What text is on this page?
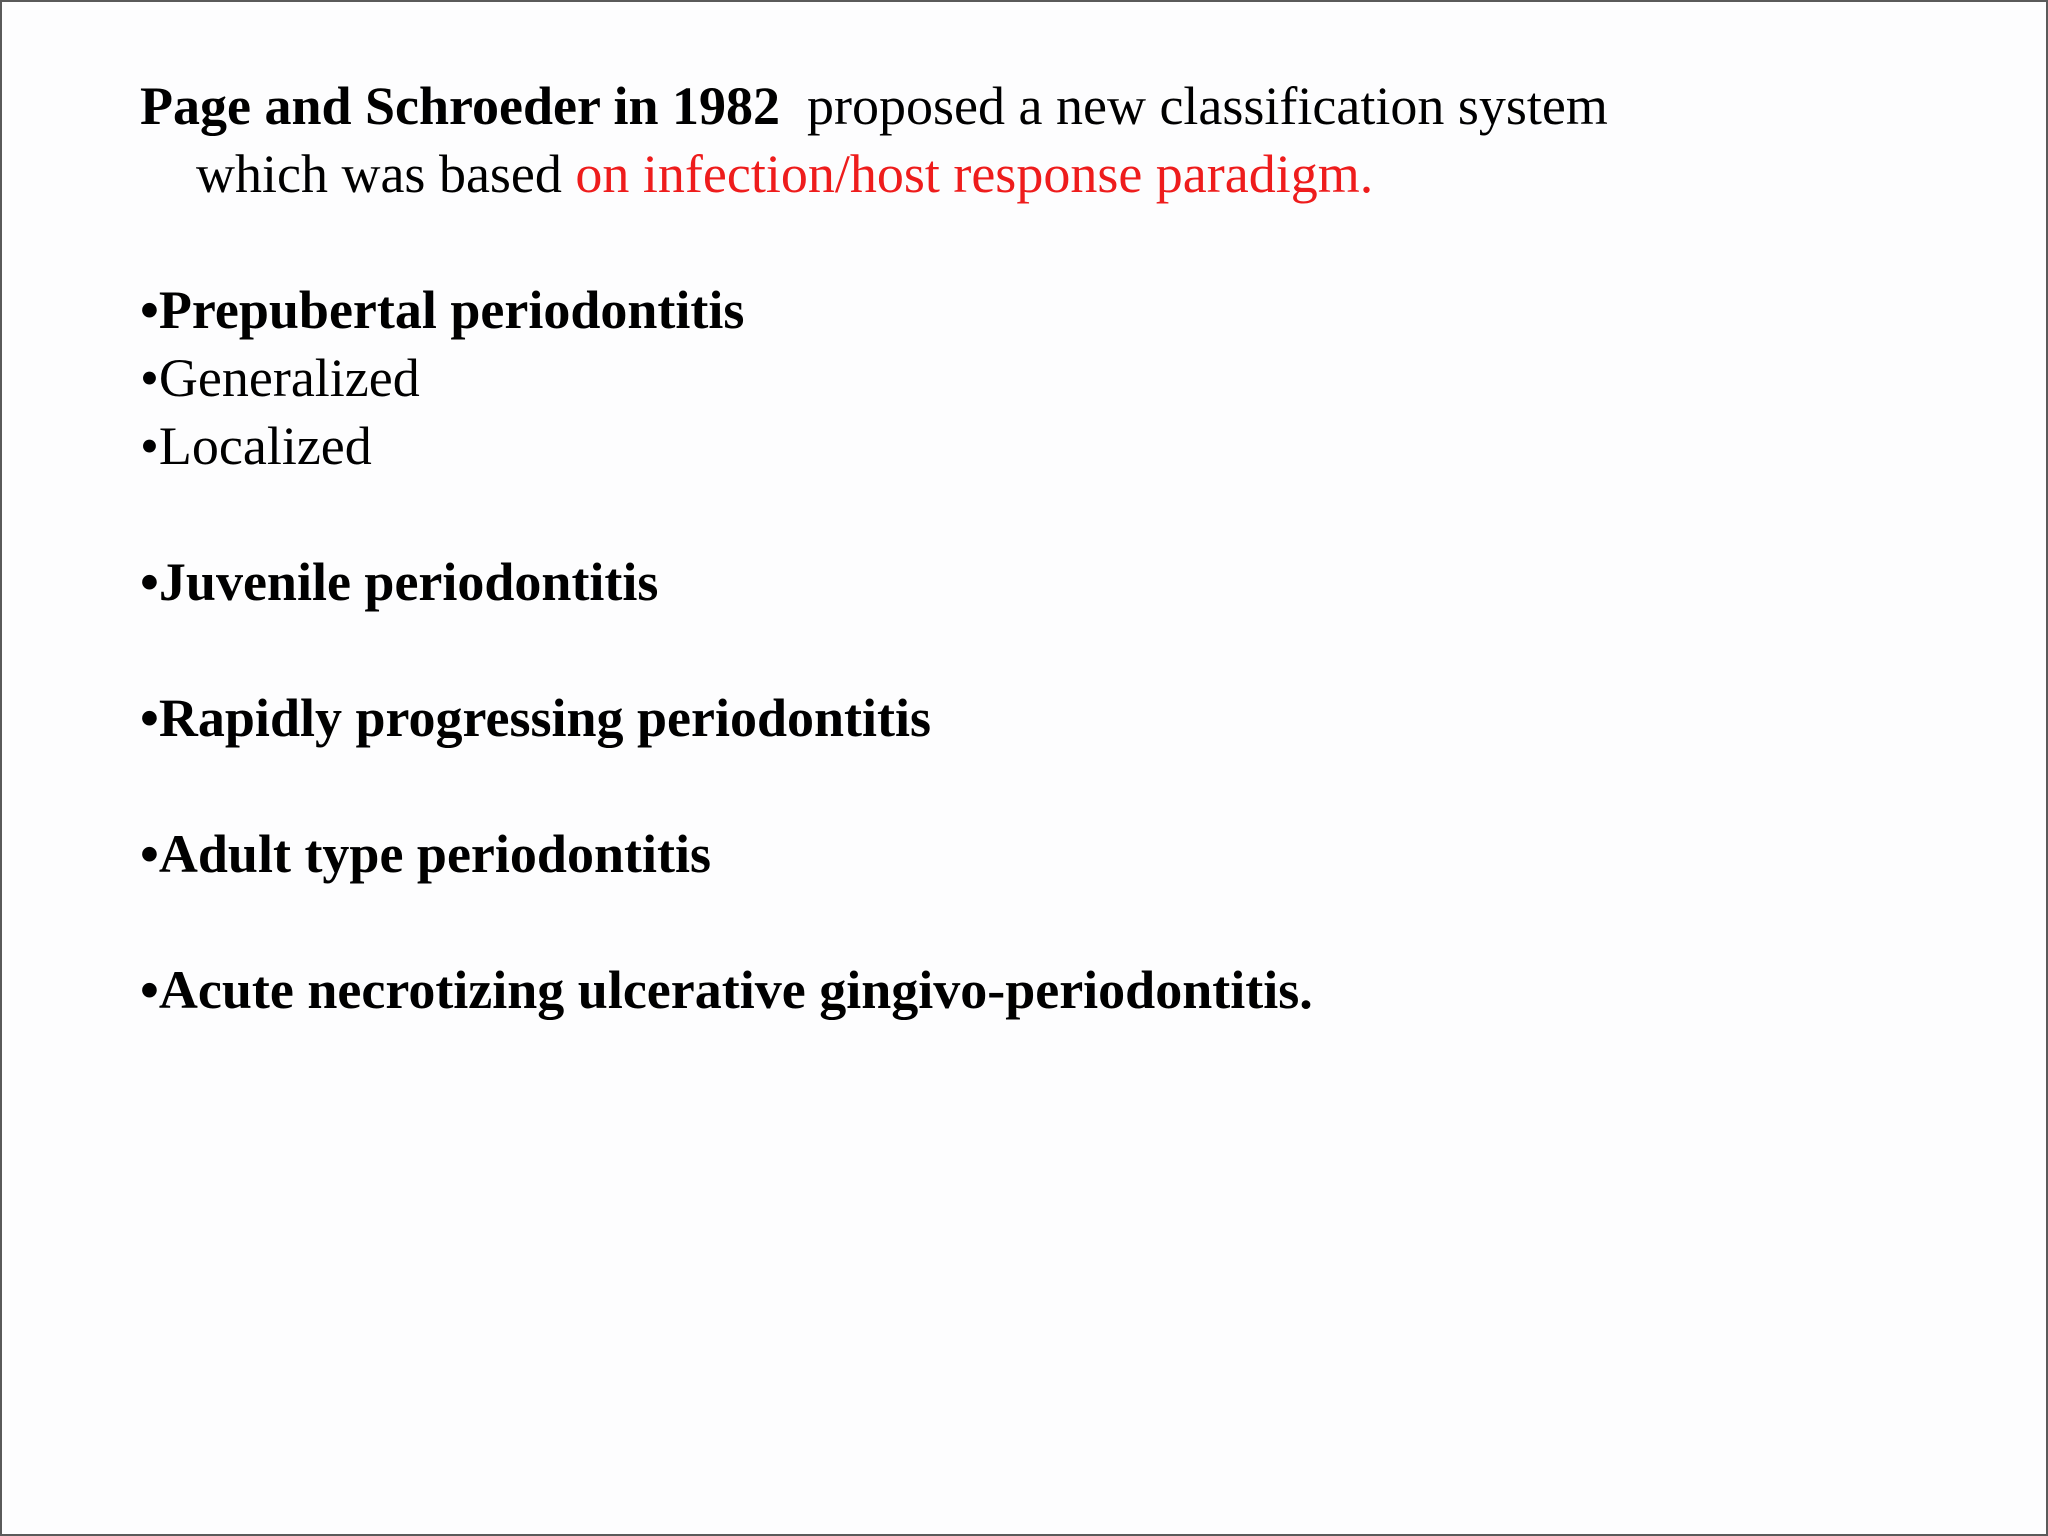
Page and Schroeder in 1982 proposed a new classification system
which was based on infection/host response paradigm.

•Prepubertal periodontitis
•Generalized
•Localized
•Juvenile periodontitis
•Rapidly progressing periodontitis
•Adult type periodontitis
•Acute necrotizing ulcerative gingivo-periodontitis.
